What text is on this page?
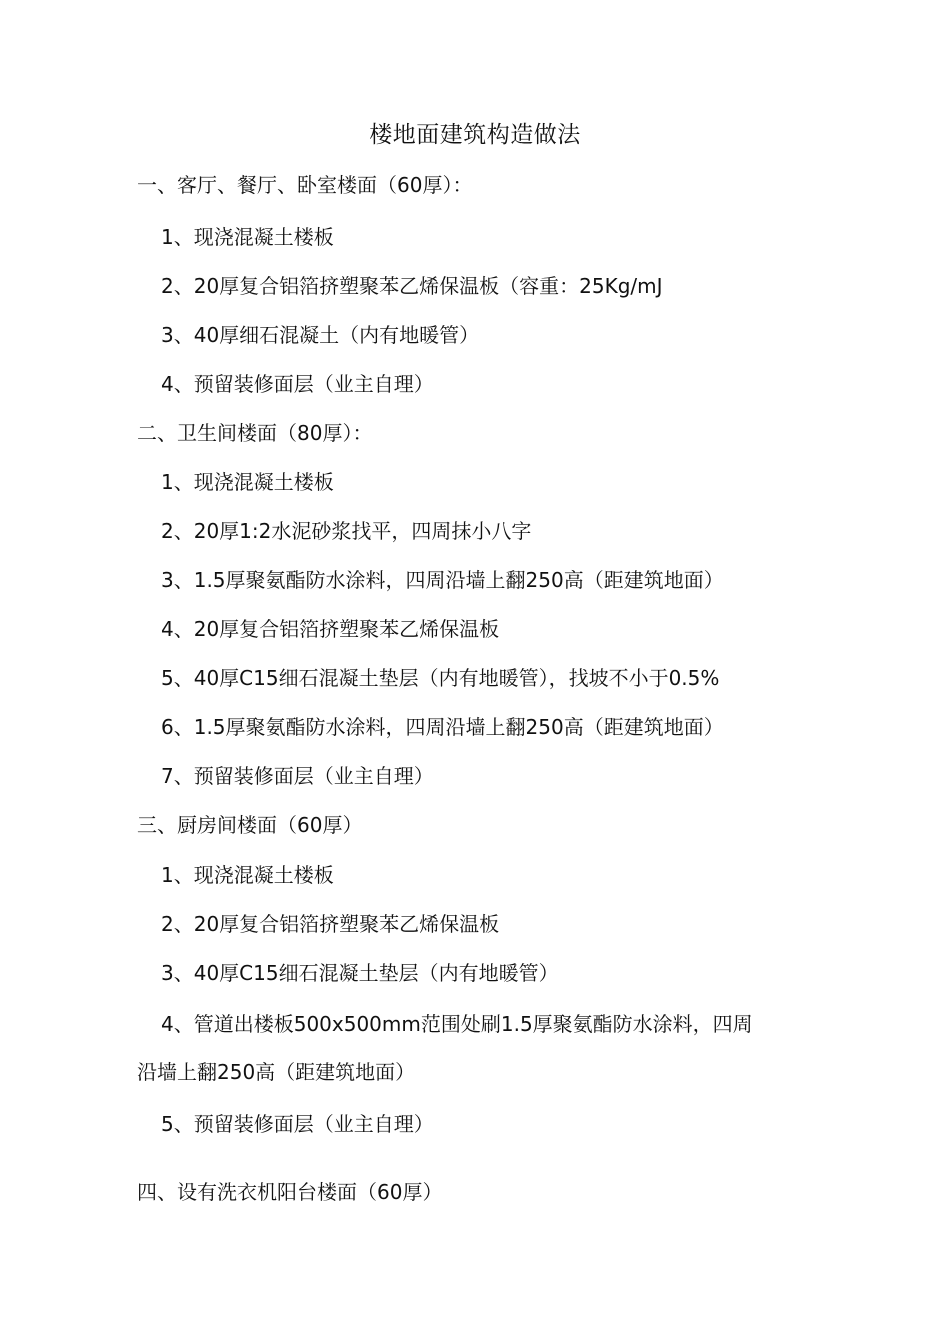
楼地面建筑构造做法
一、客厅、餐厅、卧室楼面（60厚）：
1、现浇混凝土楼板
2、20厚复合铝箔挤塑聚苯乙烯保温板（容重：25Kg/mJ
3、40厚细石混凝土（内有地暖管）
4、预留装修面层（业主自理）
二、卫生间楼面（80厚）：
1、现浇混凝土楼板
2、20厚1:2水泥砂浆找平，四周抹小八字
3、1.5厚聚氨酯防水涂料，四周沿墙上翻250高（距建筑地面）
4、20厚复合铝箔挤塑聚苯乙烯保温板
5、40厚C15细石混凝土垫层（内有地暖管），找坡不小于0.5%
6、1.5厚聚氨酯防水涂料，四周沿墙上翻250高（距建筑地面）
7、预留装修面层（业主自理）
三、厨房间楼面（60厚）
1、现浇混凝土楼板
2、20厚复合铝箔挤塑聚苯乙烯保温板
3、40厚C15细石混凝土垫层（内有地暖管）
4、管道出楼板500x500mm范围处刷1.5厚聚氨酯防水涂料，四周
沿墙上翻250高（距建筑地面）
5、预留装修面层（业主自理）
四、设有洗衣机阳台楼面（60厚）
